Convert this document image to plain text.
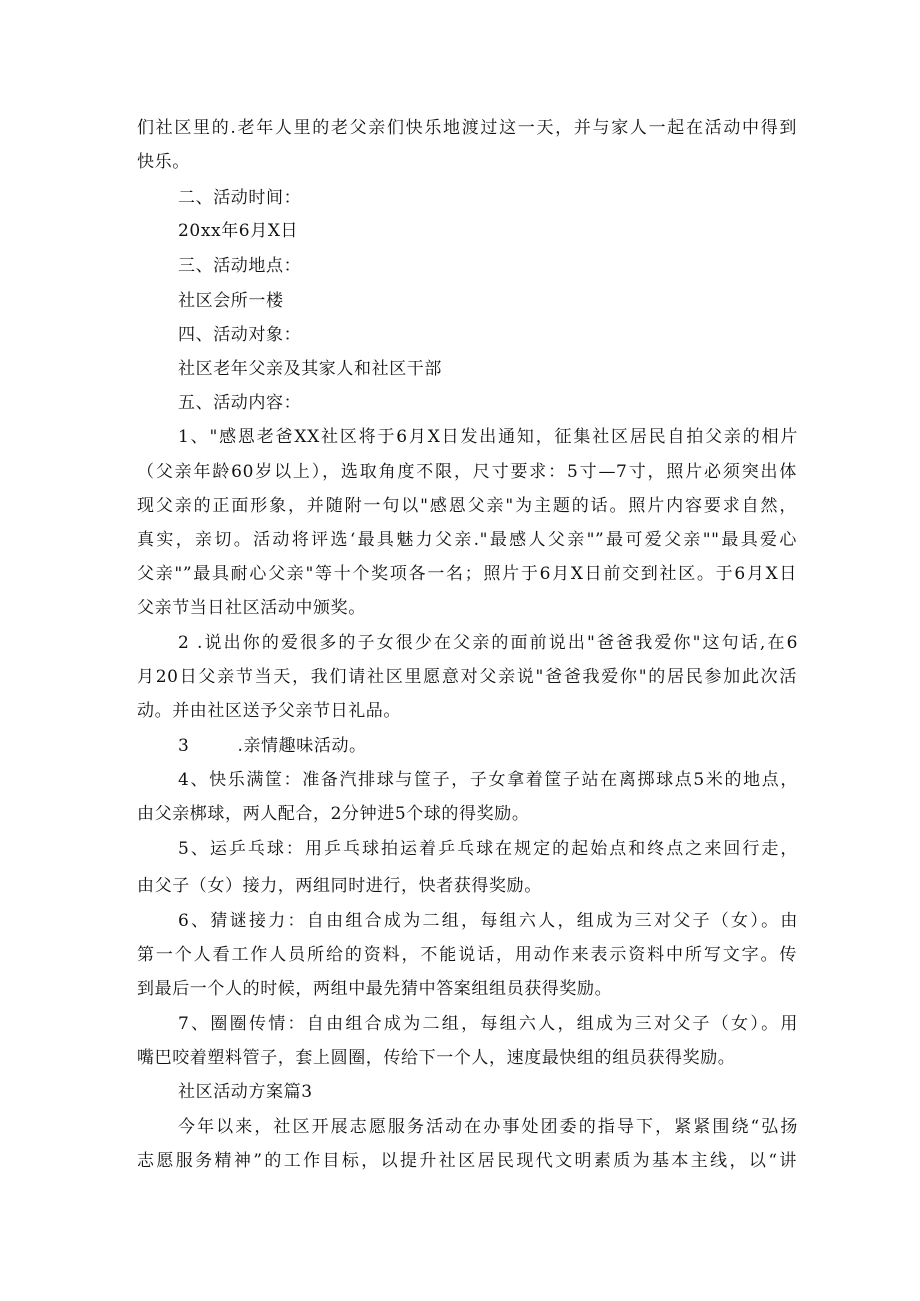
们社区里的.老年人里的老父亲们快乐地渡过这一天，并与家人一起在活动中得到
快乐。
二、活动时间：
20xx年6月X日
三、活动地点：
社区会所一楼
四、活动对象：
社区老年父亲及其家人和社区干部
五、活动内容：
1、"感恩老爸XX社区将于6月X日发出通知，征集社区居民自拍父亲的相片
（父亲年龄60岁以上），选取角度不限，尺寸要求：5寸—7寸，照片必须突出体
现父亲的正面形象，并随附一句以"感恩父亲"为主题的话。照片内容要求自然，
真实，亲切。活动将评选‘最具魅力父亲."最感人父亲"”最可爱父亲""最具爱心
父亲"”最具耐心父亲"等十个奖项各一名；照片于6月X日前交到社区。于6月X日
父亲节当日社区活动中颁奖。
2 .说出你的爱很多的子女很少在父亲的面前说出"爸爸我爱你"这句话,在6
月20日父亲节当天，我们请社区里愿意对父亲说"爸爸我爱你"的居民参加此次活
动。并由社区送予父亲节日礼品。
3        .亲情趣味活动。
4、快乐满筐：准备汽排球与筐子，子女拿着筐子站在离掷球点5米的地点，
由父亲梆球，两人配合，2分钟进5个球的得奖励。
5、运乒乓球：用乒乓球拍运着乒乓球在规定的起始点和终点之来回行走，
由父子（女）接力，两组同时进行，快者获得奖励。
6、猜谜接力：自由组合成为二组，每组六人，组成为三对父子（女）。由
第一个人看工作人员所给的资料，不能说话，用动作来表示资料中所写文字。传
到最后一个人的时候，两组中最先猜中答案组组员获得奖励。
7、圈圈传情：自由组合成为二组，每组六人，组成为三对父子（女）。用
嘴巴咬着塑料管子，套上圆圈，传给下一个人，速度最快组的组员获得奖励。
社区活动方案篇3
今年以来，社区开展志愿服务活动在办事处团委的指导下，紧紧围绕“弘扬
志愿服务精神”的工作目标，以提升社区居民现代文明素质为基本主线，以“讲
